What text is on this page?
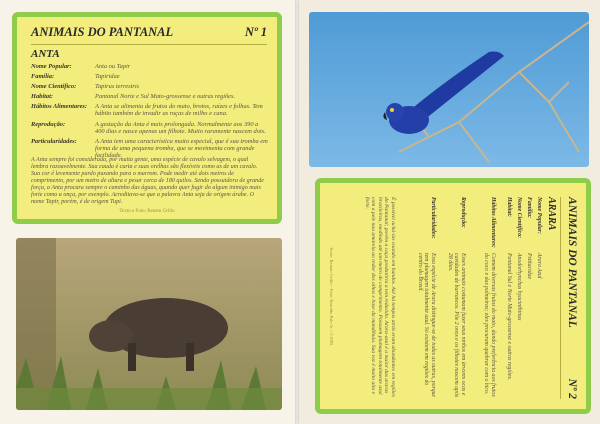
ANIMAIS DO PANTANAL	Nº 1
ANTA
Nome Popular:	Anta ou Tapir
Família:	Tapiridae
Nome Científico:	Tapirus terrestris
Habitat:	Pantanal Norte e Sul Mato-grossense e outras regiões.
Hábitos Alimentares: A Anta se alimenta de frutos do mato, brotos, raízes e folhas. Tem hábito também de invadir as roças de milho e cana.
Reprodução:	A gestação da Anta é mais prolongada. Normalmente aos 390 a 400 dias e nasce apenas um filhote. Muito raramente nascem dois.
Particularidades:	A Anta tem uma característica muito especial, que é sua tromba em forma de uma pequena tromba, que se movimenta com grande facilidade.
A Anta sempre foi considerada, por muita gente, uma espécie de cavalo selvagem, o qual lembra razoavelmente. Sua cauda é curta e suas orelhas são flexíveis como as de um cavalo. Sua cor é levemente pardo puxando para o marrom. Pode medir até dois metros de comprimento, por um metro de altura e pesar cerca de 180 quilos. Sendo possuidora de grande força, a Anta procura sempre o caminho das águas, quando quer fugir do algum inimigo mais forte como a onça, por exemplo. Acreditava-se que a palavra Anta seja de origem árabe. O nome Tapir, porém, é de origem Tupi.
Texto e Foto: Renato Grillo	ANIMAIS DO PANTANAL
Nº 2
ARARA
Nome Popular:
Arara Azul
Família:
Psittacidae
Nome Científico:
Anodorhynchus hyacinthinus
Habitat:
Pantanal Sul e Norte Mato-grossense e outras regiões.
Hábitos Alimentares:
Comem diversas frutas do mato, dando preferência aos frutos do coco e das palmeiras; eles procuram quebrar com o bico.
Reprodução:
Esses animais costumam fazer seus ninhos em árvores ocas e cavidades de barrancos. Põe 2 ovos e os filhotes nascem após 28 dias.
Particularidades:
Essa espécie de Arara distingue-se de todas as outras, porque tem plumagem totalmente azul. Só existem em regiões do centro do Brasil.
É possível achá-las voando em bandos. Até há tempos atrás eram abundantes em regiões do Pantanal; porém a caça predatória a tem reduzido. Arara-azul é a maior das araras brasileiras, medindo até um metro de comprimento. Possuem plumagem totalmente azul com a pele nua amarela ao redor dos olhos e base da mandíbula. Sua voz é muito alta e forte.
Texto: Renato Grillo - Foto: Haroldo Palo Jr. / ©1985
